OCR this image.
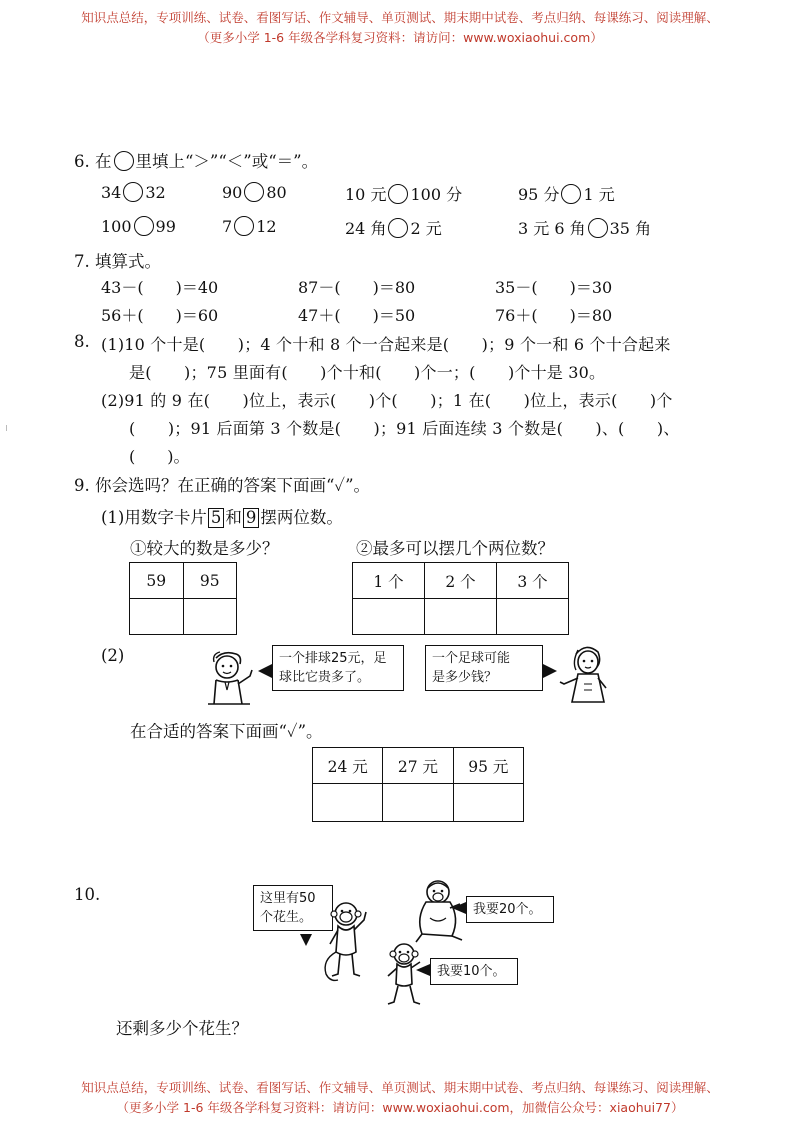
知识点总结，专项训练、试卷、看图写话、作文辅导、单页测试、期末期中试卷、考点归纳、每课练习、阅读理解、
（更多小学 1-6 年级各学科复习资料：请访问：www.woxiaohui.com）
6. 在 里填上“＞”“＜”或“＝”。
34 32	90 80	10 元 100 分	95 分 1 元
100 99	7 12	24 角 2 元	3 元 6 角 35 角
7. 填算式。
43－(　　)＝40	87－(　　)＝80	35－(　　)＝30
56＋(　　)＝60	47＋(　　)＝50	76＋(　　)＝80
8. (1)10 个十是(　　)；4 个十和 8 个一合起来是(　　)；9 个一和 6 个十合起来
是(　　)；75 里面有(　　)个十和(　　)个一；(　　)个十是 30。
(2)91 的 9 在(　　)位上，表示(　　)个(　　)；1 在(　　)位上，表示(　　)个
(　　)；91 后面第 3 个数是(　　)；91 后面连续 3 个数是(　　)、(　　)、
(　　)。
9. 你会选吗？在正确的答案下面画“✓”。
(1)用数字卡片 5 和 9 摆两位数。
①较大的数是多少？	②最多可以摆几个两位数？
59	95
		1 个	2 个	3 个

(2)	一个排球25元，足
球比它贵多了。
一个足球可能
是多少钱？
在合适的答案下面画“✓”。
24 元	27 元	95 元

10.	这里有50
个花生。
我要20个。
我要10个。
还剩多少个花生？
知识点总结，专项训练、试卷、看图写话、作文辅导、单页测试、期末期中试卷、考点归纳、每课练习、阅读理解、
（更多小学 1-6 年级各学科复习资料：请访问：www.woxiaohui.com，加微信公众号：xiaohui77）
